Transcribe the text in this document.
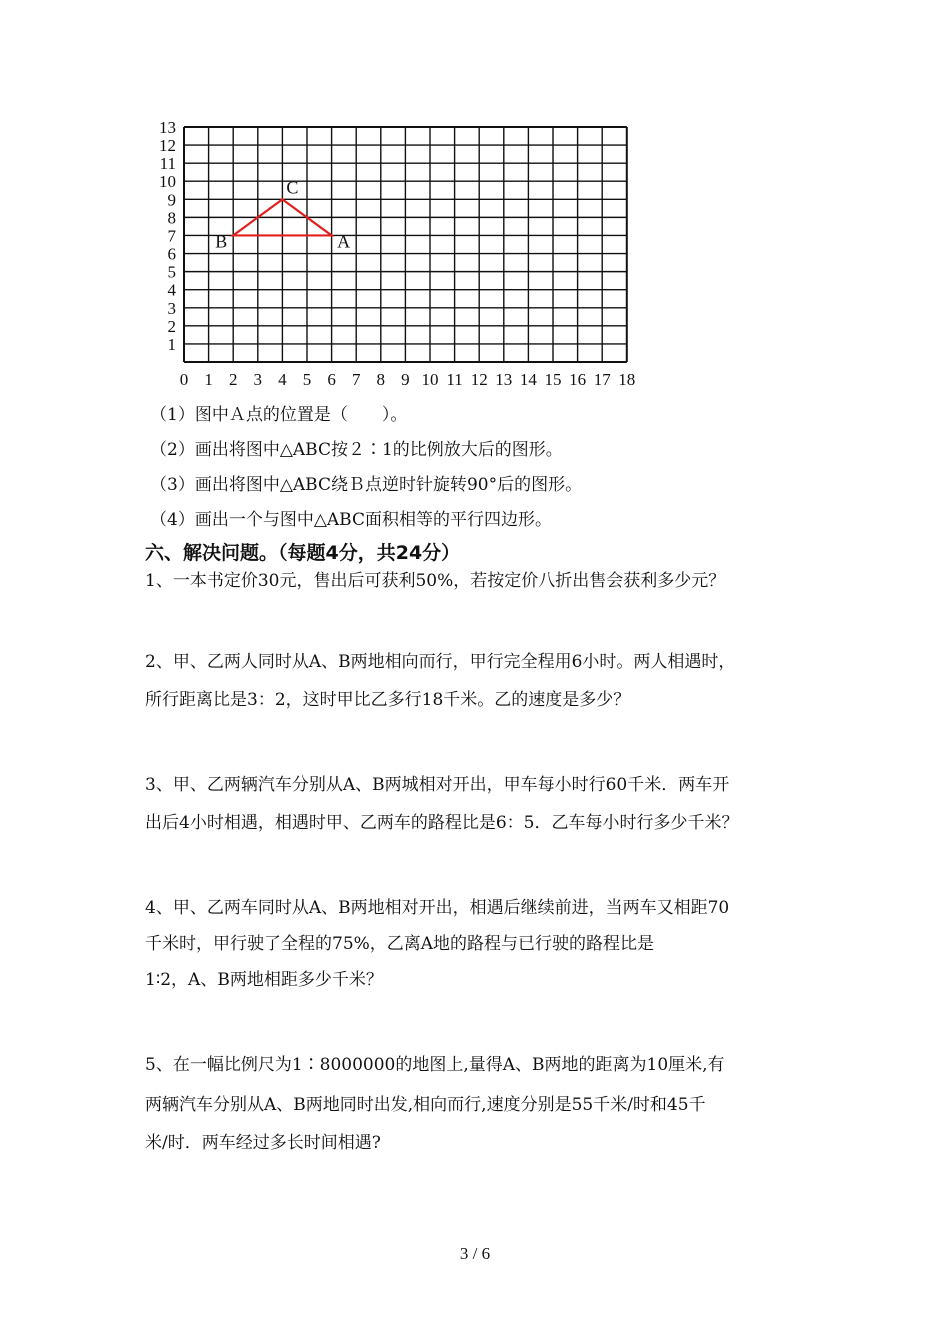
0 1 2 3 4 5 6 7 8 9 10 11 12 13 14 15 16 17 18
1
2
3
4
5
6
7
8
9
10
11
12
13
A
B
C
（1）图中Ａ点的位置是（　　）。
（2）画出将图中△ABC按２∶1的比例放大后的图形。
（3）画出将图中△ABC绕Ｂ点逆时针旋转90°后的图形。
（4）画出一个与图中△ABC面积相等的平行四边形。
六、解决问题。（每题4分，共24分）
1、一本书定价30元，售出后可获利50%，若按定价八折出售会获利多少元？
2、甲、乙两人同时从A、B两地相向而行，甲行完全程用6小时。两人相遇时，
所行距离比是3：2，这时甲比乙多行18千米。乙的速度是多少？
3、甲、乙两辆汽车分别从A、B两城相对开出，甲车每小时行60千米．两车开
出后4小时相遇，相遇时甲、乙两车的路程比是6：5．乙车每小时行多少千米？
4、甲、乙两车同时从A、B两地相对开出，相遇后继续前进，当两车又相距70
千米时，甲行驶了全程的75%，乙离A地的路程与已行驶的路程比是
1∶2，A、B两地相距多少千米？
5、在一幅比例尺为1∶8000000的地图上,量得A、B两地的距离为10厘米,有
两辆汽车分别从A、B两地同时出发,相向而行,速度分别是55千米/时和45千
米/时．两车经过多长时间相遇?
3 / 6
